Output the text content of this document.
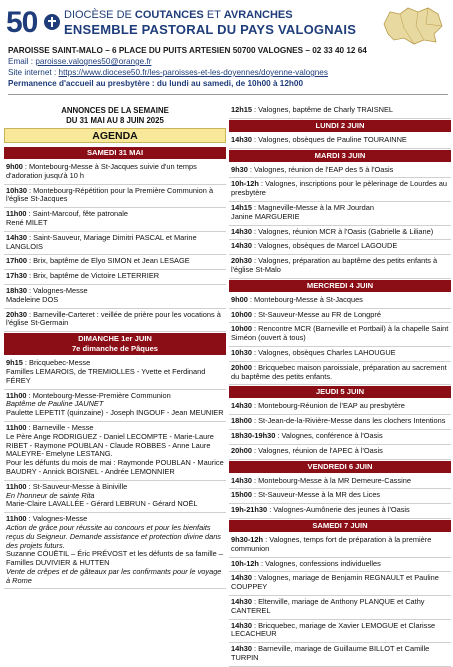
50 DIOCÈSE DE COUTANCES ET AVRANCHES
ENSEMBLE PASTORAL DU PAYS VALOGNAIS
PAROISSE SAINT-MALO – 6 PLACE DU PUITS ARTESIEN 50700 VALOGNES – 02 33 40 12 64
Email : paroisse.valognes50@orange.fr
Site internet : https://www.diocese50.fr/les-paroisses-et-les-doyennes/doyenne-valognes
Permanence d'accueil au presbytère : du lundi au samedi, de 10h00 à 12h00
ANNONCES DE LA SEMAINE
DU 31 MAI AU 8 JUIN 2025
AGENDA
SAMEDI 31 MAI
9h00 : Montebourg-Messe à St-Jacques suivie d'un temps d'adoration jusqu'à 10 h
10h30 : Montebourg-Répétition pour la Première Communion à l'église St-Jacques
11h00 : Saint-Marcouf, fête patronale
René MILET
14h30 : Saint-Sauveur, Mariage Dimitri PASCAL et Marine LANGLOIS
17h00 : Brix, baptême de Elyo SIMON et Jean LESAGE
17h30 : Brix, baptême de Victoire LETERRIER
18h30 : Valognes-Messe
Madeleine DOS
20h30 : Barneville-Carteret : veillée de prière pour les vocations à l'église St-Germain
DIMANCHE 1er JUIN
7e dimanche de Pâques
9h15 : Bricquebec-Messe
Familles LEMAROIS, de TREMIOLLES - Yvette et Ferdinand FÉREY
11h00 : Montebourg-Messe-Première Communion
Baptême de Pauline JAUNET
Paulette LEPETIT (quinzaine) - Joseph INGOUF - Jean MEUNIER
11h00 : Barneville - Messe
Le Père Ange RODRIGUEZ - Daniel LECOMPTE - Marie-Laure RIBET - Raymone POUBLAN - Claude ROBBES - Anne Laure MALEYRE- Emelyne LESTANG.
Pour les défunts du mois de mai : Raymonde POUBLAN - Maurice BAUDRY - Annick BOISNEL - Andrée LEMONNIER
11h00 : St-Sauveur-Messe à Biniville
En l'honneur de sainte Rita
Marie-Claire LAVALLÉE - Gérard LEBRUN - Gérard NOËL
11h00 : Valognes-Messe
Action de grâce pour réussite au concours et pour les bienfaits reçus du Seigneur. Demande assistance et protection divine dans des projets futurs.
Suzanne COUËTIL – Éric PRÉVOST et les défunts de sa famille – Familles DUVIVIER & HUTTEN
Vente de crêpes et de gâteaux par les confirmants pour le voyage à Rome
12h15 : Valognes, baptême de Charly TRAISNEL
LUNDI 2 JUIN
14h30 : Valognes, obsèques de Pauline TOURAINNE
MARDI 3 JUIN
9h30 : Valognes, réunion de l'EAP des 5 à l'Oasis
10h-12h : Valognes, inscriptions pour le pèlerinage de Lourdes au presbytère
14h15 : Magneville-Messe à la MR Jourdan
Janine MARGUERIE
14h30 : Valognes, réunion MCR à l'Oasis (Gabrielle & Liliane)
14h30 : Valognes, obsèques de Marcel LAGOUDE
20h30 : Valognes, préparation au baptême des petits enfants à l'église St-Malo
MERCREDI 4 JUIN
9h00 : Montebourg-Messe à St-Jacques
10h00 : St-Sauveur-Messe au FR de Longpré
10h00 : Rencontre MCR (Barneville et Portbail) à la chapelle Saint Siméon (ouvert à tous)
10h30 : Valognes, obsèques Charles LAHOUGUE
20h00 : Bricquebec maison paroissiale, préparation au sacrement du baptême des petits enfants.
JEUDI 5 JUIN
14h30 : Montebourg-Réunion de l'EAP au presbytère
18h00 : St-Jean-de-la-Rivière-Messe dans les clochers Intentions
18h30-19h30 : Valognes, conférence à l'Oasis
20h00 : Valognes, réunion de l'APEC à l'Oasis
VENDREDI 6 JUIN
14h30 : Montebourg-Messe à la MR Demeure-Cassine
15h00 : St-Sauveur-Messe à la MR des Lices
19h-21h30 : Valognes-Aumônerie des jeunes à l'Oasis
SAMEDI 7 JUIN
9h30-12h : Valognes, temps fort de préparation à la première communion
10h-12h : Valognes, confessions individuelles
14h30 : Valognes, mariage de Benjamin REGNAULT et Pauline COUPPEY
14h30 : Eltenville, mariage de Anthony PLANQUE et Cathy CANTEREL
14h30 : Bricquebec, mariage de Xavier LEMOGUE et Clarisse LECACHEUR
14h30 : Barneville, mariage de Guillaume BILLOT et Camille TURPIN
